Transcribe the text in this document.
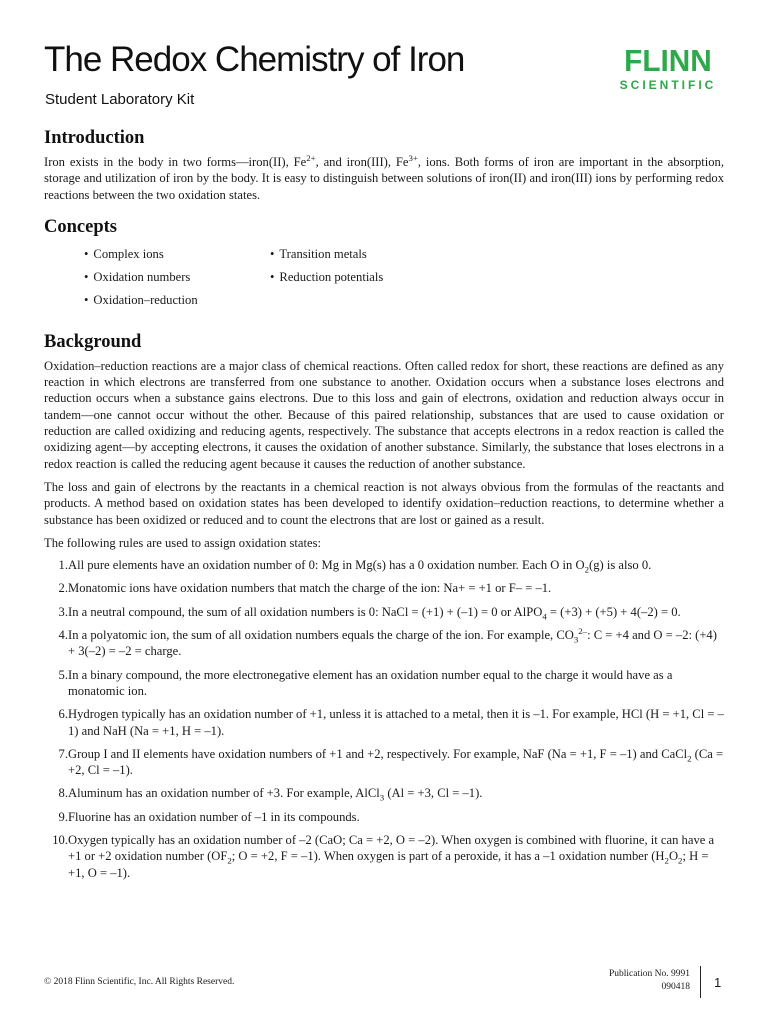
The Redox Chemistry of Iron
Student Laboratory Kit
FLINN
SCIENTIFIC
Introduction

Iron exists in the body in two forms—iron(II), $Fe^{2+}$, and iron(III), $Fe^{3+}$, ions. Both forms of iron are important in the absorption, storage and utilization of iron by the body. It is easy to distinguish between solutions of iron(II) and iron(III) ions by performing redox reactions between the two oxidation states.

Concepts
• Complex ions
• Oxidation numbers
• Oxidation–reduction
• Transition metals
• Reduction potentials
Background

Oxidation–reduction reactions are a major class of chemical reactions. Often called redox for short, these reactions are defined as any reaction in which electrons are transferred from one substance to another. Oxidation occurs when a substance loses electrons and reduction occurs when a substance gains electrons. Due to this loss and gain of electrons, oxidation and reduction always occur in tandem—one cannot occur without the other. Because of this paired relationship, substances that are used to cause oxidation or reduction are called oxidizing and reducing agents, respectively. The substance that accepts electrons in a redox reaction is called the oxidizing agent—by accepting electrons, it causes the oxidation of another substance. Similarly, the substance that loses electrons in a redox reaction is called the reducing agent because it causes the reduction of another substance.

The loss and gain of electrons by the reactants in a chemical reaction is not always obvious from the formulas of the reactants and products. A method based on oxidation states has been developed to identify oxidation–reduction reactions, to determine whether a substance has been oxidized or reduced and to count the electrons that are lost or gained as a result.

The following rules are used to assign oxidation states:

1. All pure elements have an oxidation number of 0: Mg in Mg(s) has a 0 oxidation number. Each O in $O_2(g)$ is also 0.
2. Monatomic ions have oxidation numbers that match the charge of the ion: Na+ = +1 or F– = –1.
3. In a neutral compound, the sum of all oxidation numbers is 0: NaCl = (+1) + (–1) = 0 or AlPO$_4$ = (+3) + (+5) + 4(–2) = 0.
4. In a polyatomic ion, the sum of all oxidation numbers equals the charge of the ion. For example, $CO_3^{2-}$: C = +4 and O = –2: (+4) + 3(–2) = –2 = charge.
5. In a binary compound, the more electronegative element has an oxidation number equal to the charge it would have as a monatomic ion.
6. Hydrogen typically has an oxidation number of +1, unless it is attached to a metal, then it is –1. For example, HCl (H = +1, Cl = –1) and NaH (Na = +1, H = –1).
7. Group I and II elements have oxidation numbers of +1 and +2, respectively. For example, NaF (Na = +1, F = –1) and CaCl$_2$ (Ca = +2, Cl = –1).
8. Aluminum has an oxidation number of +3. For example, AlCl$_3$ (Al = +3, Cl = –1).
9. Fluorine has an oxidation number of –1 in its compounds.
10. Oxygen typically has an oxidation number of –2 (CaO; Ca = +2, O = –2). When oxygen is combined with fluorine, it can have a +1 or +2 oxidation number ($OF_2$; O = +2, F = –1). When oxygen is part of a peroxide, it has a –1 oxidation number ($H_2O_2$; H = +1, O = –1).
© 2018 Flinn Scientific, Inc. All Rights Reserved.
Publication No. 9991
090418 1
